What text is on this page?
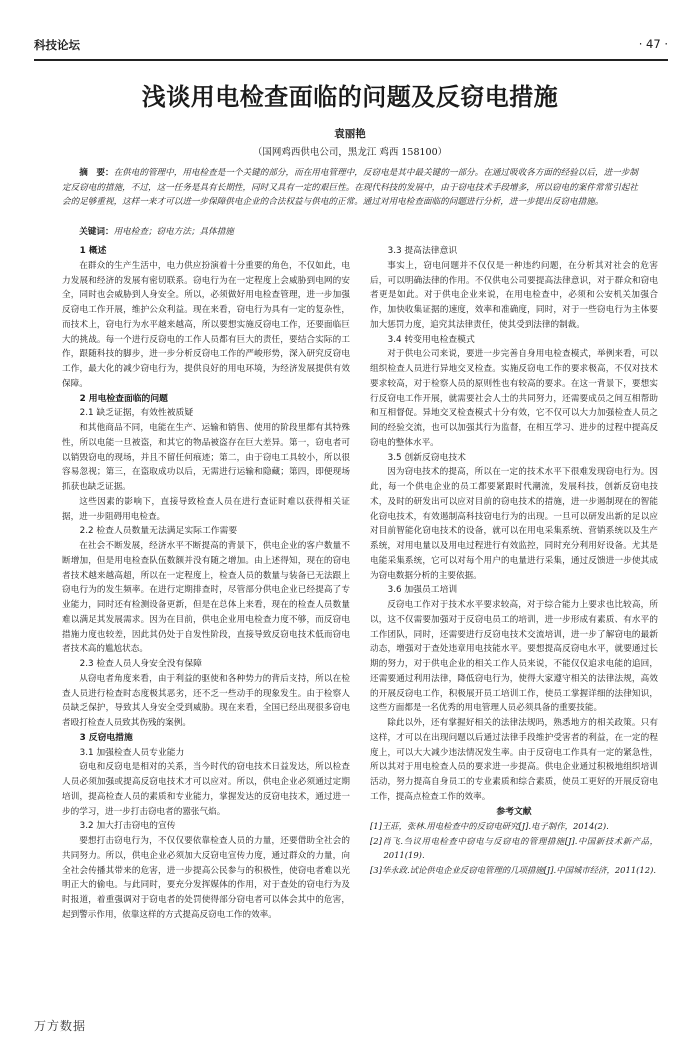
科技论坛	· 47 ·
浅谈用电检查面临的问题及反窃电措施
袁丽艳
（国网鸡西供电公司，黑龙江 鸡西 158100）
摘　要：在供电的管理中，用电检查是一个关键的部分，而在用电管理中，反窃电是其中最关键的一部分。在通过吸收各方面的经验以后，进一步制定反窃电的措施，不过，这一任务是具有长期性，同时又具有一定的艰巨性。在现代科技的发展中，由于窃电技术手段增多，所以窃电的案件常常引起社会的足够重视，这样一来才可以进一步保障供电企业的合法权益与供电的正常。通过对用电检查面临的问题进行分析，进一步提出反窃电措施。
关键词：用电检查；窃电方法；具体措施
1 概述

在群众的生产生活中，电力供应扮演着十分重要的角色，不仅如此，电力发展和经济的发展有密切联系。窃电行为在一定程度上会威胁到电网的安全，同时也会威胁到人身安全。所以，必须做好用电检查管理，进一步加强反窃电工作开展，维护公众利益。现在来看，窃电行为具有一定的复杂性，而技术上，窃电行为水平越来越高，所以要想实施反窃电工作，还要面临巨大的挑战。每一个进行反窃电的工作人员都有巨大的责任，要结合实际的工作，跟随科技的脚步，进一步分析反窃电工作的严峻形势，深入研究反窃电工作，最大化的减少窃电行为，提供良好的用电环境，为经济发展提供有效保障。

2 用电检查面临的问题
2.1 缺乏证据，有效性被质疑

和其他商品不同，电能在生产、运输和销售、使用的阶段里都有其特殊性，所以电能一旦被盗，和其它的物品被盗存在巨大差异。第一，窃电者可以销毁窃电的现场，并且不留任何痕迹；第二，由于窃电工具较小，所以很容易忽视；第三，在盗取成功以后，无需进行运输和隐藏；第四，即便现场抓获也缺乏证据。

这些因素的影响下，直接导致检查人员在进行查证时难以获得相关证据，进一步阻碍用电检查。

2.2 检查人员数量无法满足实际工作需要

在社会不断发展，经济水平不断提高的背景下，供电企业的客户数量不断增加，但是用电检查队伍数额并没有随之增加。由上述得知，现在的窃电者技术越来越高超，所以在一定程度上，检查人员的数量与装备已无法跟上窃电行为的发生频率。在进行定期排查时，尽管部分供电企业已经提高了专业能力，同时还有检测设备更新，但是在总体上来看，现在的检查人员数量难以满足其发展需求。因为在目前，供电企业用电检查力度不够，而反窃电措施力度也较差，因此其仍处于自发性阶段，直接导致反窃电技术低而窃电者技术高的尴尬状态。

2.3 检查人员人身安全没有保障

从窃电者角度来看，由于利益的驱使和各种势力的背后支持，所以在检查人员进行检查时态度极其恶劣，还不乏一些动手的现象发生。由于检察人员缺乏保护，导致其人身安全受到威胁。现在来看，全国已经出现很多窃电者殴打检查人员致其伤残的案例。

3 反窃电措施
3.1 加强检查人员专业能力

窃电和反窃电是相对的关系，当今时代的窃电技术日益发达，所以检查人员必须加强或提高反窃电技术才可以应对。所以，供电企业必须通过定期培训，提高检查人员的素质和专业能力，掌握发达的反窃电技术，通过进一步的学习，进一步打击窃电者的嚣张气焰。

3.2 加大打击窃电的宣传

要想打击窃电行为，不仅仅要依靠检查人员的力量，还要借助全社会的共同努力。所以，供电企业必须加大反窃电宣传力度，通过群众的力量，向全社会传播其带来的危害，进一步提高公民参与的积极性，使窃电者难以光明正大的偷电。与此同时，要充分发挥媒体的作用，对于查处的窃电行为及时报道，着重强调对于窃电者的处罚使得部分窃电者可以体会其中的危害，起到警示作用，依靠这样的方式提高反窃电工作的效率。

3.3 提高法律意识

事实上，窃电问题并不仅仅是一种违约问题，在分析其对社会的危害后，可以明确法律的作用。不仅供电公司要提高法律意识，对于群众和窃电者更是如此。对于供电企业来说，在用电检查中，必须和公安机关加强合作，加快收集证据的速度，效率和准确度，同时，对于一些窃电行为主体要加大惩罚力度，追究其法律责任，使其受到法律的制裁。

3.4 转变用电检查模式

对于供电公司来说，要进一步完善自身用电检查模式，举例来看，可以组织检查人员进行异地交叉检查。实施反窃电工作的要求极高，不仅对技术要求较高，对于检察人员的原则性也有较高的要求。在这一背景下，要想实行反窃电工作开展，就需要社会人士的共同努力，还需要成员之间互相帮助和互相督促。异地交叉检查模式十分有效，它不仅可以大力加强检查人员之间的经验交流，也可以加强其行为监督，在相互学习、进步的过程中提高反窃电的整体水平。

3.5 创新反窃电技术

因为窃电技术的提高，所以在一定的技术水平下很难发现窃电行为。因此，每一个供电企业的员工都要紧跟时代潮流，发展科技，创新反窃电技术，及时的研发出可以应对目前的窃电技术的措施，进一步遏制现在的智能化窃电技术，有效遏制高科技窃电行为的出现。一旦可以研发出新的足以应对目前智能化窃电技术的设备，就可以在用电采集系统、营销系统以及生产系统，对用电量以及用电过程进行有效监控，同时充分利用好设备。尤其是电能采集系统，它可以对每个用户的电量进行采集，通过反馈进一步使其成为窃电数据分析的主要依据。

3.6 加强员工培训

反窃电工作对于技术水平要求较高，对于综合能力上要求也比较高，所以，这不仅需要加强对于反窃电员工的培训，进一步形成有素质、有水平的工作团队，同时，还需要进行反窃电技术交流培训，进一步了解窃电的最新动态，增强对于查处违章用电技能水平。要想提高反窃电水平，就要通过长期的努力，对于供电企业的相关工作人员来说，不能仅仅追求电能的追回，还需要通过利用法律，降低窃电行为，使得大家遵守相关的法律法规，高效的开展反窃电工作，积极展开员工培训工作，使员工掌握详细的法律知识，这些方面都是一名优秀的用电管理人员必须具备的重要技能。

除此以外，还有掌握好相关的法律法规吗，熟悉地方的相关政策。只有这样，才可以在出现问题以后通过法律手段维护受害者的利益，在一定的程度上，可以大大减少违法情况发生率。由于反窃电工作具有一定的紧急性，所以其对于用电检查人员的要求进一步提高。供电企业通过积极地组织培训活动，努力提高自身员工的专业素质和综合素质，使员工更好的开展反窃电工作，提高点检查工作的效率。

参考文献
[1]王莊，张林.用电检查中的反窃电研究[J].电子制作，2014(2).
[2]肖飞.刍议用电检查中窃电与反窃电的管理措施[J].中国新技术新产品，2011(19).
[3]华永政.试论供电企业反窃电管理的几项措施[J].中国城市经济，2011(12).
万方数据
